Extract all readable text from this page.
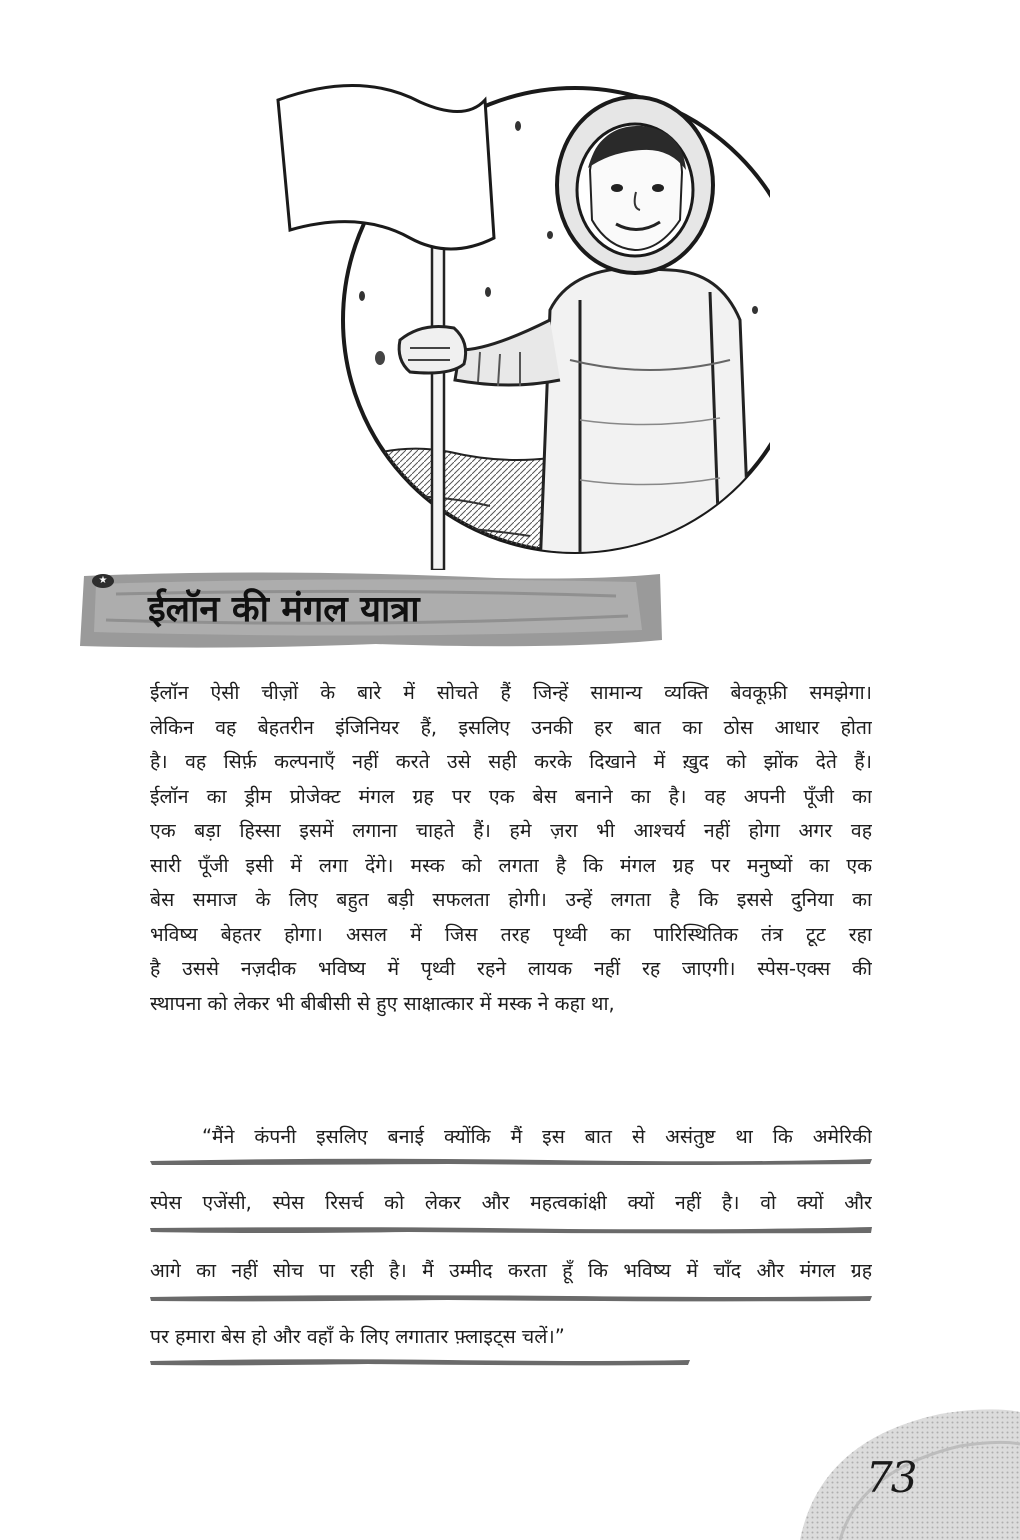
★
ईलॉन की मंगल यात्रा
ईलॉन ऐसी चीज़ों के बारे में सोचते हैं जिन्हें सामान्य व्यक्ति बेवकूफ़ी समझेगा।
लेकिन वह बेहतरीन इंजिनियर हैं, इसलिए उनकी हर बात का ठोस आधार होता
है। वह सिर्फ़ कल्पनाएँ नहीं करते उसे सही करके दिखाने में ख़ुद को झोंक देते हैं।
ईलॉन का ड्रीम प्रोजेक्ट मंगल ग्रह पर एक बेस बनाने का है। वह अपनी पूँजी का
एक बड़ा हिस्सा इसमें लगाना चाहते हैं। हमे ज़रा भी आश्चर्य नहीं होगा अगर वह
सारी पूँजी इसी में लगा देंगे। मस्क को लगता है कि मंगल ग्रह पर मनुष्यों का एक
बेस समाज के लिए बहुत बड़ी सफलता होगी। उन्हें लगता है कि इससे दुनिया का
भविष्य बेहतर होगा। असल में जिस तरह पृथ्वी का पारिस्थितिक तंत्र टूट रहा
है उससे नज़दीक भविष्य में पृथ्वी रहने लायक नहीं रह जाएगी। स्पेस-एक्स की
स्थापना को लेकर भी बीबीसी से हुए साक्षात्कार में मस्क ने कहा था,
“मैंने कंपनी इसलिए बनाई क्योंकि मैं इस बात से असंतुष्ट था कि अमेरिकी
स्पेस एजेंसी, स्पेस रिसर्च को लेकर और महत्वकांक्षी क्यों नहीं है। वो क्यों और
आगे का नहीं सोच पा रही है। मैं उम्मीद करता हूँ कि भविष्य में चाँद और मंगल ग्रह
पर हमारा बेस हो और वहाँ के लिए लगातार फ़्लाइट्स चलें।”
73
